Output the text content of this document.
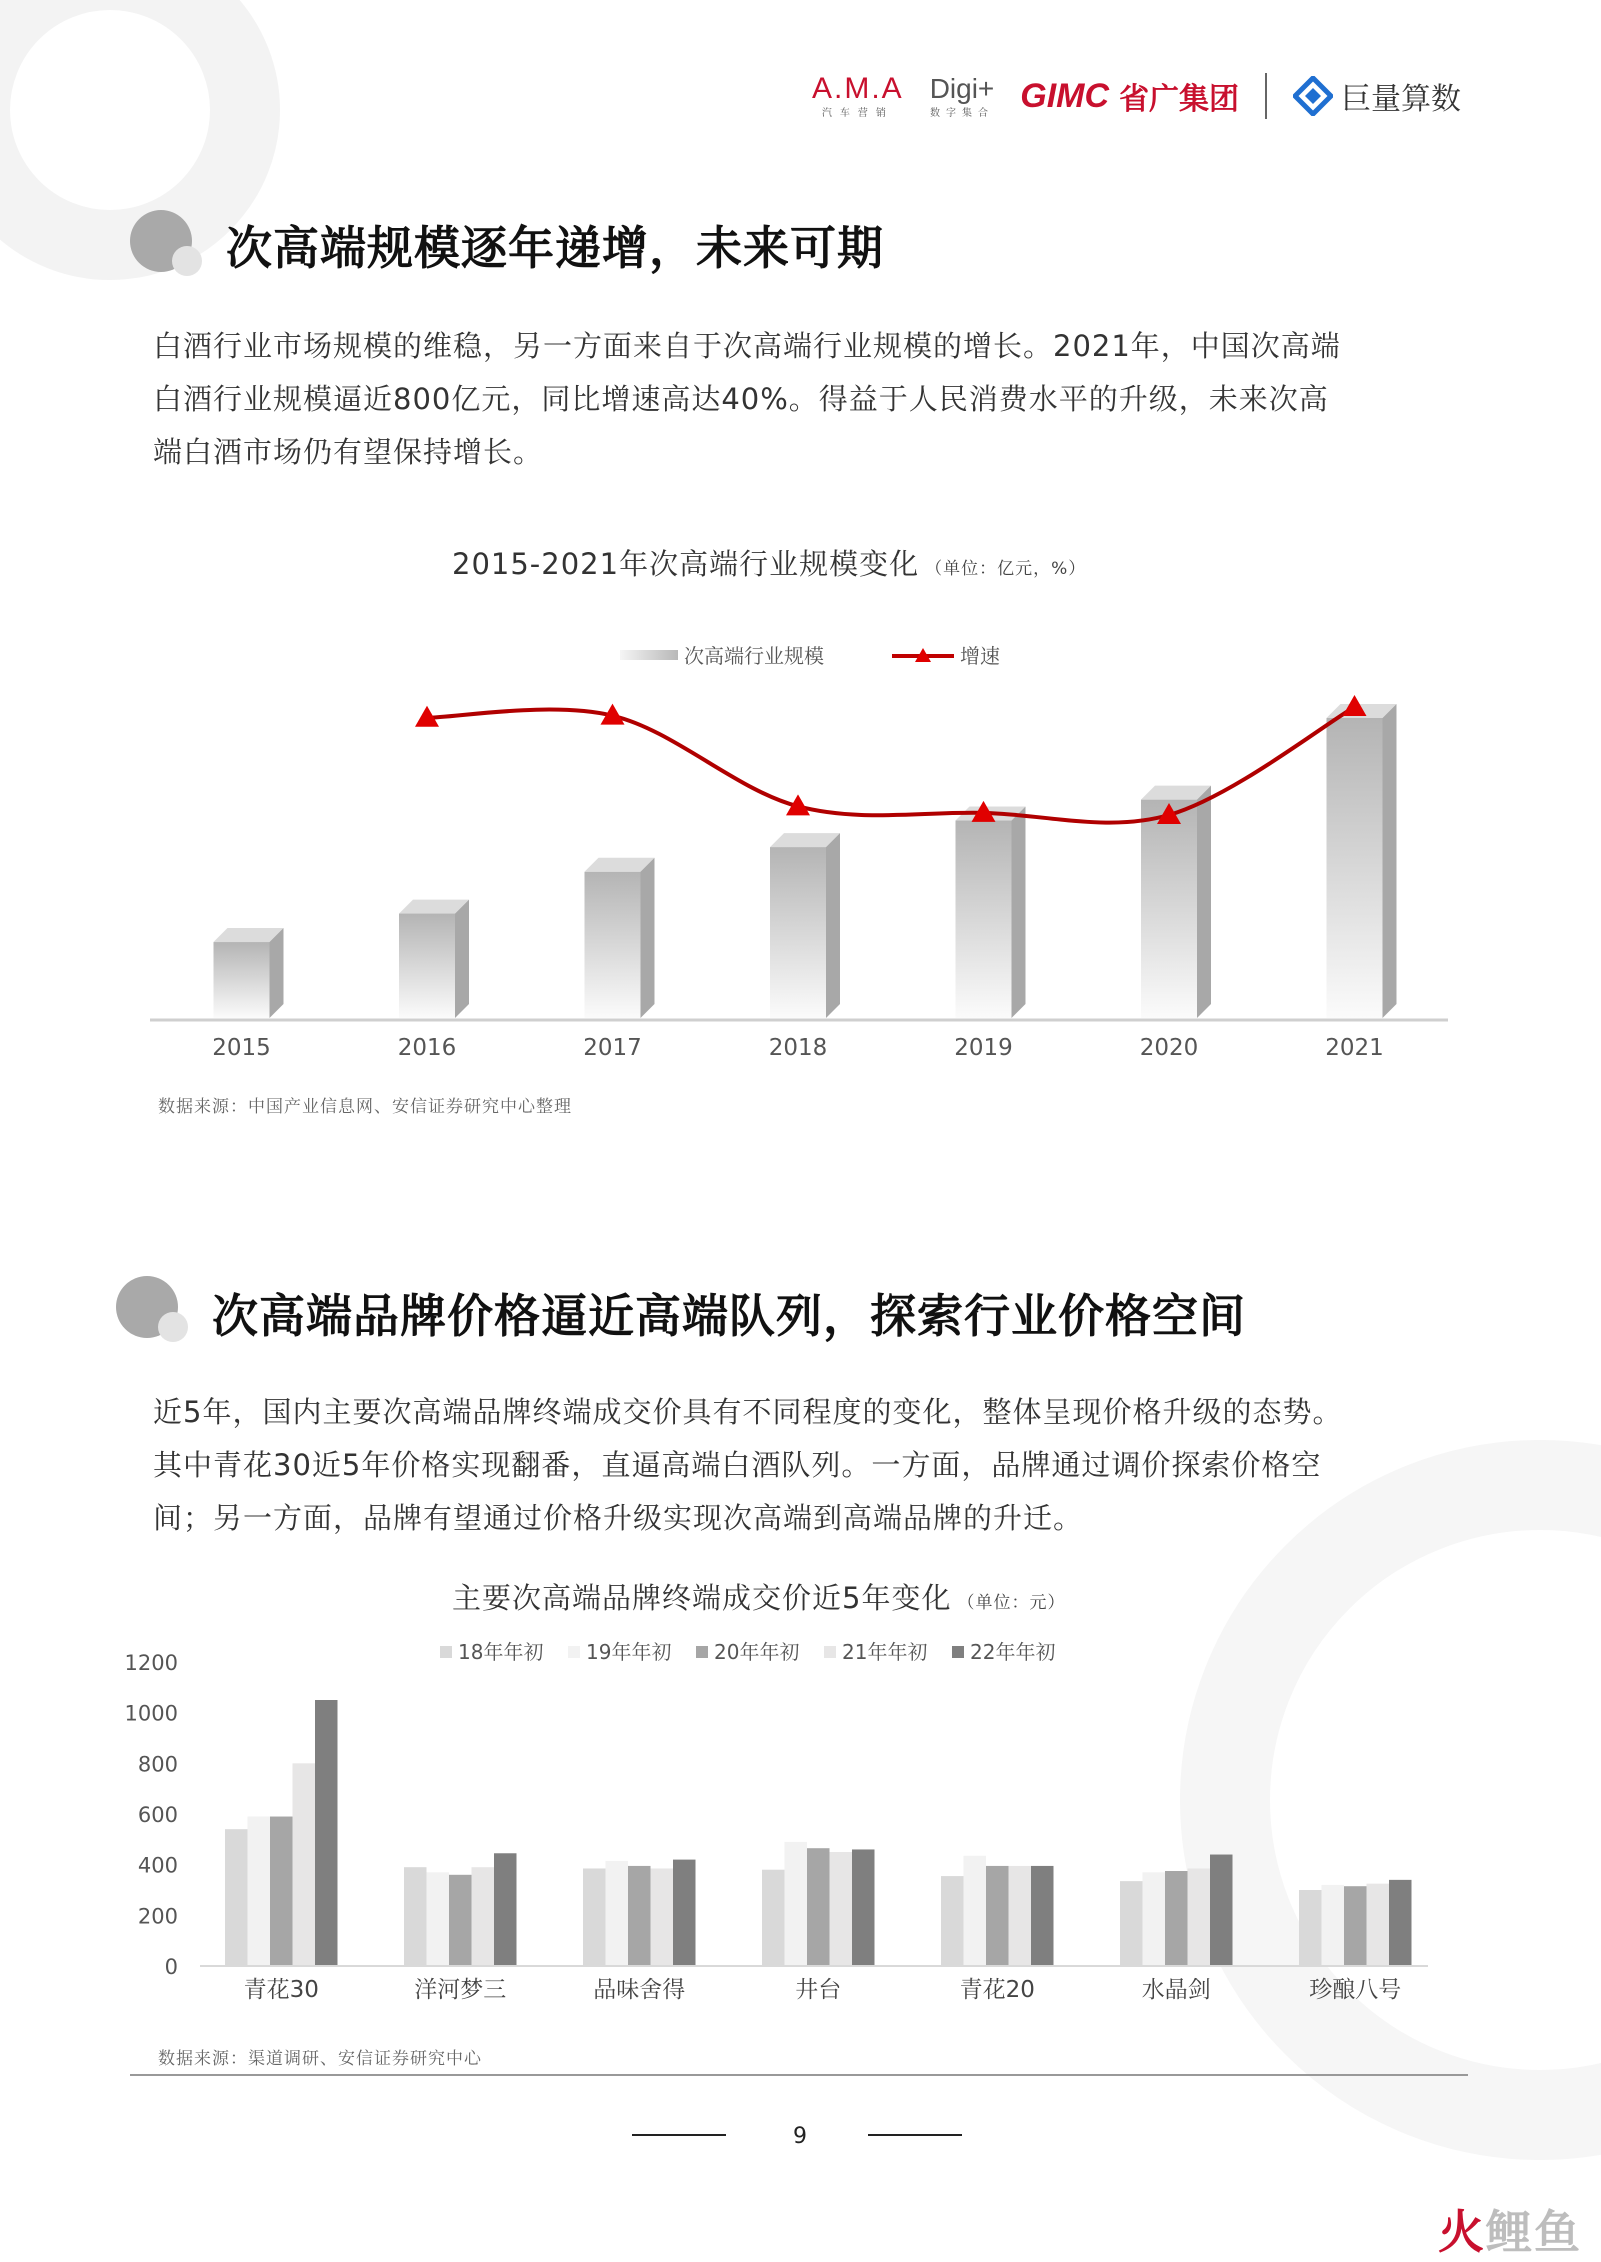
A.M.A
汽车营销
Digi+
数字集合 GIMC 省广集团	巨量算数
次高端规模逐年递增，未来可期
白酒行业市场规模的维稳，另一方面来自于次高端行业规模的增长。2021年，中国次高端
白酒行业规模逼近800亿元，同比增速高达40%。得益于人民消费水平的升级，未来次高
端白酒市场仍有望保持增长。
2015-2021年次高端行业规模变化 （单位：亿元，%）
次高端行业规模	增速
2015	2016	2017	2018	2019	2020	2021
数据来源：中国产业信息网、安信证券研究中心整理
次高端品牌价格逼近高端队列，探索行业价格空间
近5年，国内主要次高端品牌终端成交价具有不同程度的变化，整体呈现价格升级的态势。
其中青花30近5年价格实现翻番，直逼高端白酒队列。一方面，品牌通过调价探索价格空
间；另一方面，品牌有望通过价格升级实现次高端到高端品牌的升迁。
主要次高端品牌终端成交价近5年变化 （单位：元）
18年年初 19年年初 20年年初 21年年初 22年年初
0
200
400
600
800
1000
1200
青花30	洋河梦三	品味舍得	井台	青花20	水晶剑	珍酿八号
数据来源：渠道调研、安信证券研究中心
9
火鲤鱼
